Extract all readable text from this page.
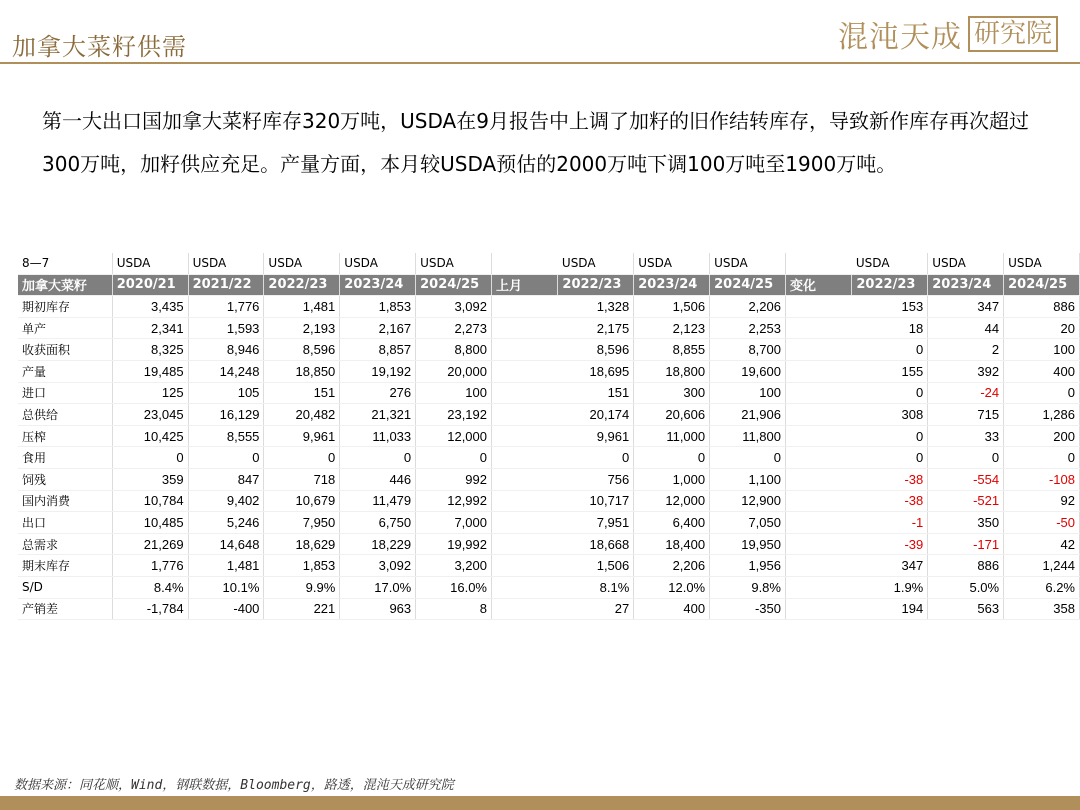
加拿大菜籽供需	混沌天成 研究院
第一大出口国加拿大菜籽库存320万吨，USDA在9月报告中上调了加籽的旧作结转库存，导致新作库存再次超过300万吨，加籽供应充足。产量方面，本月较USDA预估的2000万吨下调100万吨至1900万吨。
8—7	USDA	USDA	USDA	USDA	USDA		USDA	USDA	USDA		USDA	USDA	USDA
加拿大菜籽	2020/21	2021/22	2022/23	2023/24	2024/25	上月	2022/23	2023/24	2024/25	变化	2022/23	2023/24	2024/25
期初库存	3,435	1,776	1,481	1,853	3,092		1,328	1,506	2,206		153	347	886
单产	2,341	1,593	2,193	2,167	2,273		2,175	2,123	2,253		18	44	20
收获面积	8,325	8,946	8,596	8,857	8,800		8,596	8,855	8,700		0	2	100
产量	19,485	14,248	18,850	19,192	20,000		18,695	18,800	19,600		155	392	400
进口	125	105	151	276	100		151	300	100		0	-24	0
总供给	23,045	16,129	20,482	21,321	23,192		20,174	20,606	21,906		308	715	1,286
压榨	10,425	8,555	9,961	11,033	12,000		9,961	11,000	11,800		0	33	200
食用	0	0	0	0	0		0	0	0		0	0	0
饲残	359	847	718	446	992		756	1,000	1,100		-38	-554	-108
国内消费	10,784	9,402	10,679	11,479	12,992		10,717	12,000	12,900		-38	-521	92
出口	10,485	5,246	7,950	6,750	7,000		7,951	6,400	7,050		-1	350	-50
总需求	21,269	14,648	18,629	18,229	19,992		18,668	18,400	19,950		-39	-171	42
期末库存	1,776	1,481	1,853	3,092	3,200		1,506	2,206	1,956		347	886	1,244
S/D	8.4%	10.1%	9.9%	17.0%	16.0%		8.1%	12.0%	9.8%		1.9%	5.0%	6.2%
产销差	-1,784	-400	221	963	8		27	400	-350		194	563	358
数据来源：同花顺，Wind，钢联数据，Bloomberg，路透，混沌天成研究院
